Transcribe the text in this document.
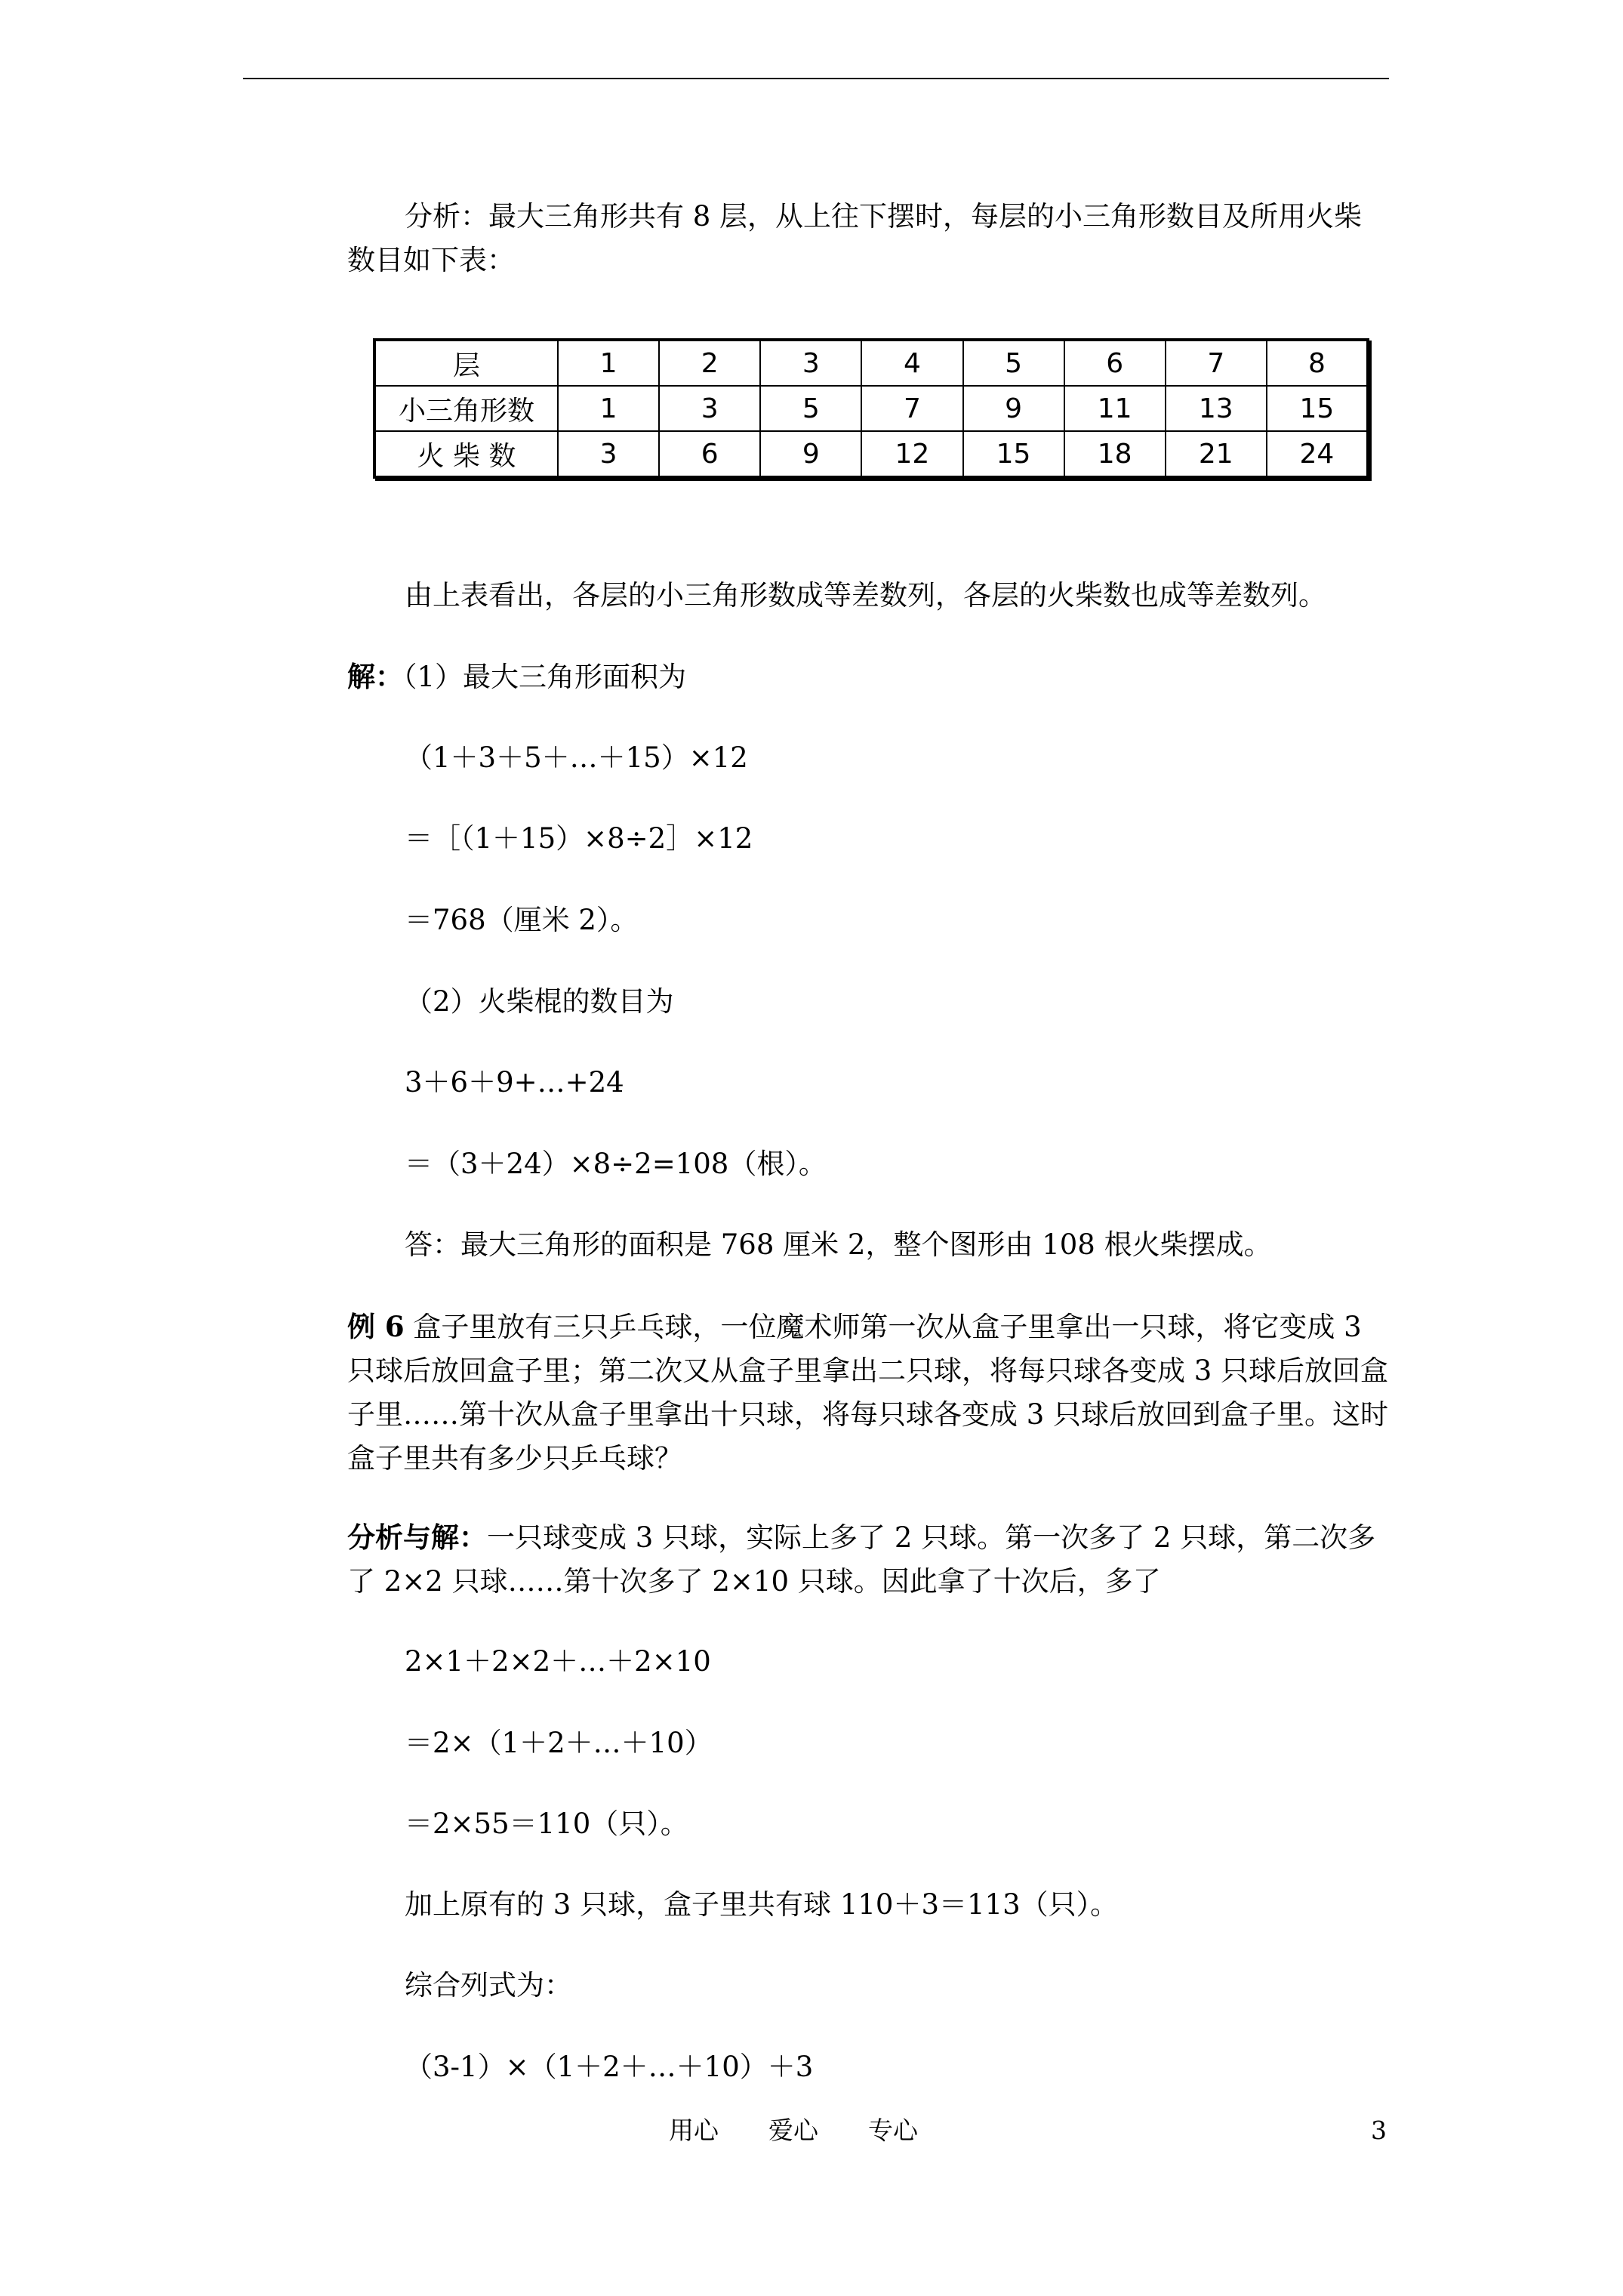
分析：最大三角形共有 8 层，从上往下摆时，每层的小三角形数目及所用火柴数目如下表：
层	1	2	3	4	5	6	7	8
小三角形数	1	3	5	7	9	11	13	15
火 柴 数	3	6	9	12	15	18	21	24
由上表看出，各层的小三角形数成等差数列，各层的火柴数也成等差数列。
解：（1）最大三角形面积为
（1＋3＋5＋…＋15）×12
＝［（1＋15）×8÷2］×12
＝768（厘米 2）。
（2）火柴棍的数目为
3＋6＋9+…+24
＝（3＋24）×8÷2=108（根）。
答：最大三角形的面积是 768 厘米 2，整个图形由 108 根火柴摆成。
例 6 盒子里放有三只乒乓球，一位魔术师第一次从盒子里拿出一只球，将它变成 3 只球后放回盒子里；第二次又从盒子里拿出二只球，将每只球各变成 3 只球后放回盒子里……第十次从盒子里拿出十只球，将每只球各变成 3 只球后放回到盒子里。这时盒子里共有多少只乒乓球？
分析与解：一只球变成 3 只球，实际上多了 2 只球。第一次多了 2 只球，第二次多了 2×2 只球……第十次多了 2×10 只球。因此拿了十次后，多了
2×1＋2×2＋…＋2×10
＝2×（1＋2＋…＋10）
＝2×55＝110（只）。
加上原有的 3 只球，盒子里共有球 110＋3＝113（只）。
综合列式为：
（3-1）×（1＋2＋…＋10）＋3
用心 爱心 专心	3
